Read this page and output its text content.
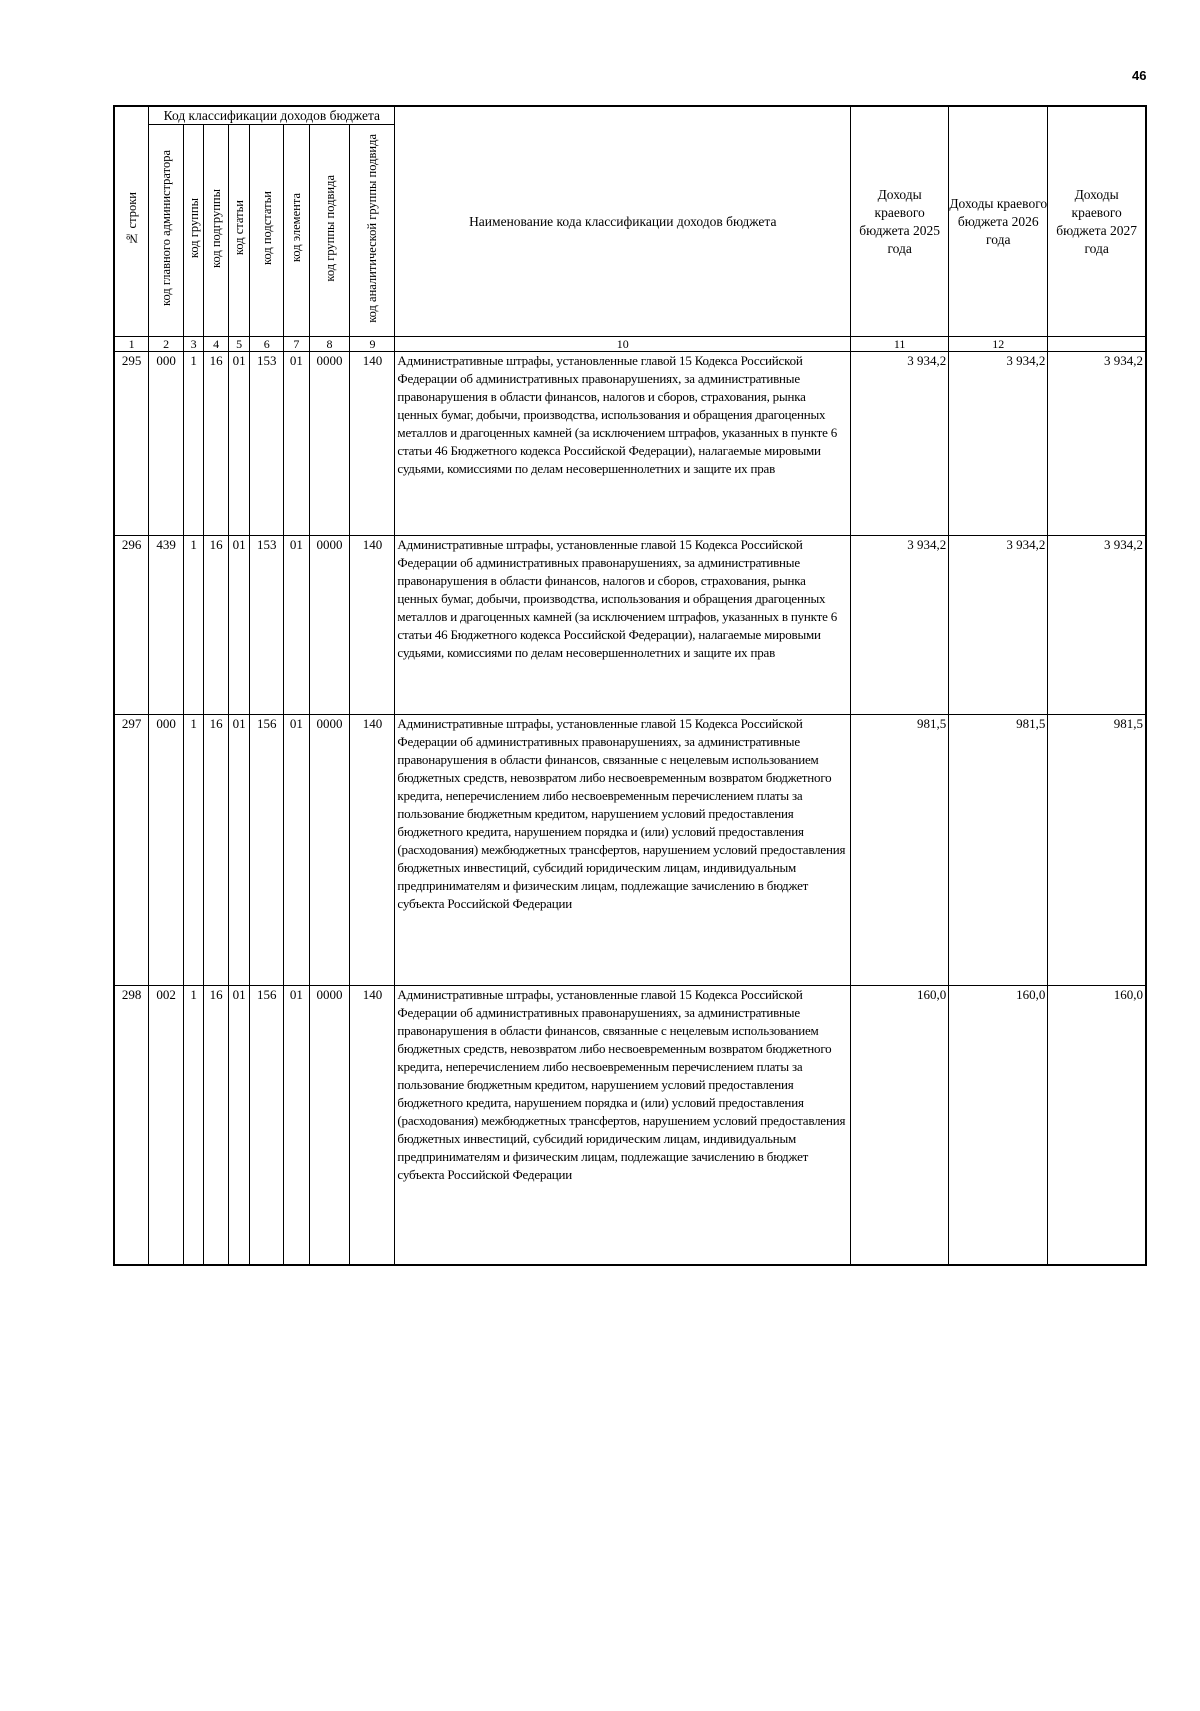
46
№ строки	Код классификации доходов бюджета								Наименование кода классификации доходов бюджета	Доходы краевого бюджета 2025 года	Доходы краевого бюджета 2026 года	Доходы краевого бюджета 2027 года
	код главного администратора	код группы	код подгруппы	код статьи	код подстатьи	код элемента	код группы подвида	код аналитической группы подвида				
1	2	3	4	5	6	7	8	9	10	11	12	
295	000	1	16	01	153	01	0000	140	Административные штрафы, установленные главой 15 Кодекса Российской Федерации об административных правонарушениях, за административные правонарушения в области финансов, налогов и сборов, страхования, рынка ценных бумаг, добычи, производства, использования и обращения драгоценных металлов и драгоценных камней (за исключением штрафов, указанных в пункте 6 статьи 46 Бюджетного кодекса Российской Федерации), налагаемые мировыми судьями, комиссиями по делам несовершеннолетних и защите их прав	3 934,2	3 934,2	3 934,2
296	439	1	16	01	153	01	0000	140	Административные штрафы, установленные главой 15 Кодекса Российской Федерации об административных правонарушениях, за административные правонарушения в области финансов, налогов и сборов, страхования, рынка ценных бумаг, добычи, производства, использования и обращения драгоценных металлов и драгоценных камней (за исключением штрафов, указанных в пункте 6 статьи 46 Бюджетного кодекса Российской Федерации), налагаемые мировыми судьями, комиссиями по делам несовершеннолетних и защите их прав	3 934,2	3 934,2	3 934,2
297	000	1	16	01	156	01	0000	140	Административные штрафы, установленные главой 15 Кодекса Российской Федерации об административных правонарушениях, за административные правонарушения в области финансов, связанные с нецелевым использованием бюджетных средств, невозвратом либо несвоевременным возвратом бюджетного кредита, неперечислением либо несвоевременным перечислением платы за пользование бюджетным кредитом, нарушением условий предоставления бюджетного кредита, нарушением порядка и (или) условий предоставления (расходования) межбюджетных трансфертов, нарушением условий предоставления бюджетных инвестиций, субсидий юридическим лицам, индивидуальным предпринимателям и физическим лицам, подлежащие зачислению в бюджет субъекта Российской Федерации	981,5	981,5	981,5
298	002	1	16	01	156	01	0000	140	Административные штрафы, установленные главой 15 Кодекса Российской Федерации об административных правонарушениях, за административные правонарушения в области финансов, связанные с нецелевым использованием бюджетных средств, невозвратом либо несвоевременным возвратом бюджетного кредита, неперечислением либо несвоевременным перечислением платы за пользование бюджетным кредитом, нарушением условий предоставления бюджетного кредита, нарушением порядка и (или) условий предоставления (расходования) межбюджетных трансфертов, нарушением условий предоставления бюджетных инвестиций, субсидий юридическим лицам, индивидуальным предпринимателям и физическим лицам, подлежащие зачислению в бюджет субъекта Российской Федерации	160,0	160,0	160,0
